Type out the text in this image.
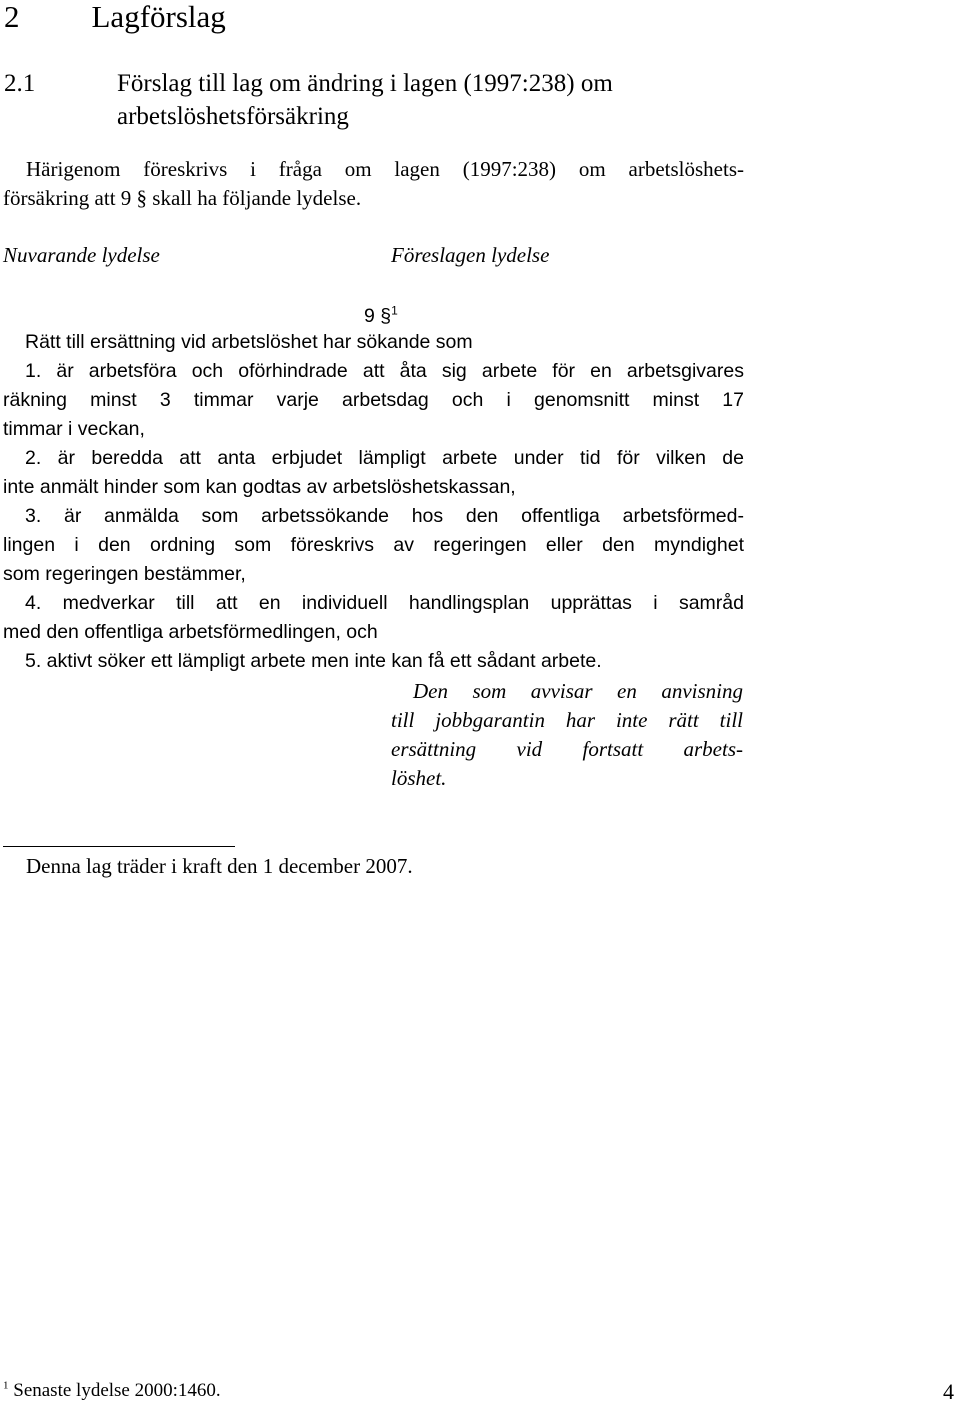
2 Lagförslag
2.1	Förslag till lag om ändring i lagen (1997:238) om
arbetslöshetsförsäkring
Härigenom föreskrivs i fråga om lagen (1997:238) om arbetslöshets-
försäkring att 9 § skall ha följande lydelse.
Nuvarande lydelse	Föreslagen lydelse
9 §$^1$

Rätt till ersättning vid arbetslöshet har sökande som

1. är arbetsföra och oförhindrade att åta sig arbete för en arbetsgivares
räkning minst 3 timmar varje arbetsdag och i genomsnitt minst 17
timmar i veckan,
2. är beredda att anta erbjudet lämpligt arbete under tid för vilken de
inte anmält hinder som kan godtas av arbetslöshetskassan,
3. är anmälda som arbetssökande hos den offentliga arbetsförmed-
lingen i den ordning som föreskrivs av regeringen eller den myndighet
som regeringen bestämmer,
4. medverkar till att en individuell handlingsplan upprättas i samråd
med den offentliga arbetsförmedlingen, och
5. aktivt söker ett lämpligt arbete men inte kan få ett sådant arbete.
Den som avvisar en anvisning
till jobbgarantin har inte rätt till
ersättning vid fortsatt arbets-
löshet.
Denna lag träder i kraft den 1 december 2007.
$^1$ Senaste lydelse 2000:1460.	4
